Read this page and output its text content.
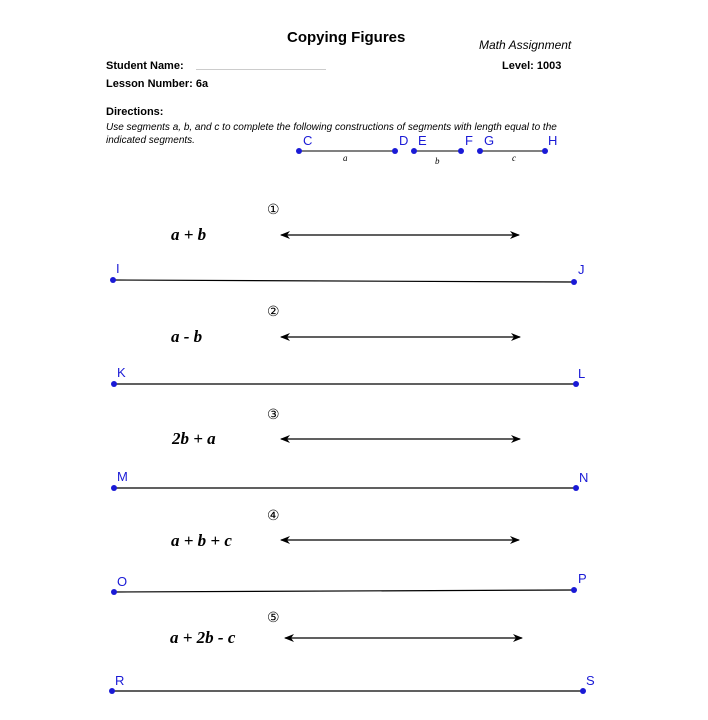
Copying Figures	Math Assignment
Student Name:	Level: 1003
Lesson Number: 6a
Directions:
Use segments a, b, and c to complete the following constructions of segments with length equal to the indicated segments.	C	D
a
E	F
b
G	H
c
①
a + b
I	J
②
a - b
K	L
③
2b + a
M	N
④
a + b + c
O	P
⑤
a + 2b - c
R	S
